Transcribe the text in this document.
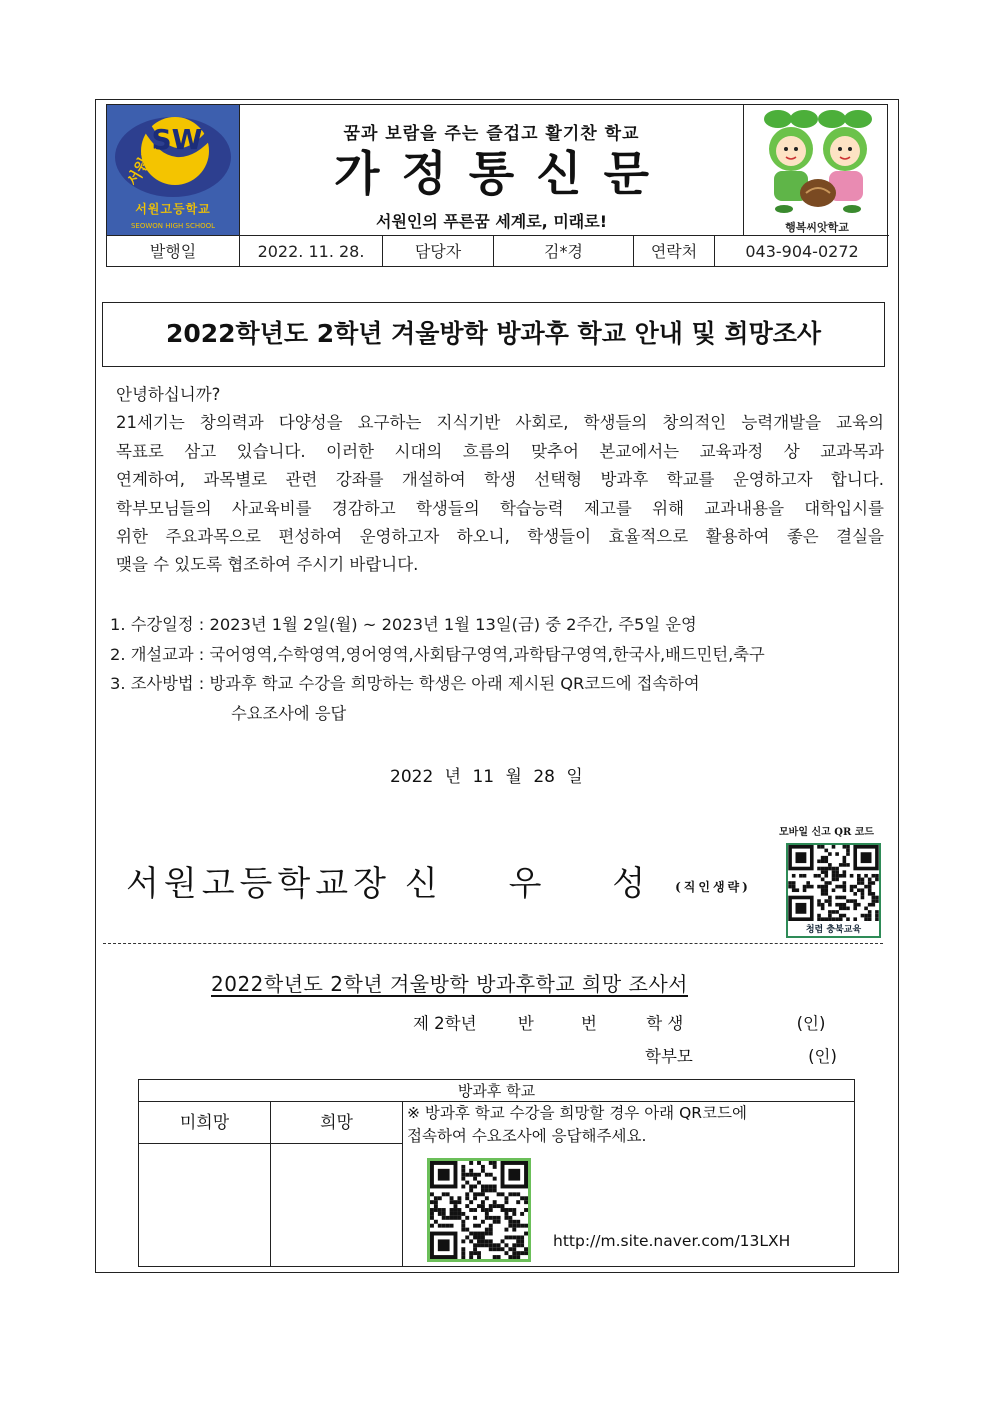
SW
서원고
서원고등학교
SEOWON HIGH SCHOOL
꿈과 보람을 주는 즐겁고 활기찬 학교
가정통신문
서원인의 푸른꿈 세계로, 미래로!	행복씨앗학교
발행일	2022. 11. 28.	담당자	김*경	연락처	043-904-0272
2022학년도 2학년 겨울방학 방과후 학교 안내 및 희망조사

안녕하십니까?

21세기는 창의력과 다양성을 요구하는 지식기반 사회로, 학생들의 창의적인 능력개발을 교육의

목표로 삼고 있습니다. 이러한 시대의 흐름의 맞추어 본교에서는 교육과정 상 교과목과

연계하여, 과목별로 관련 강좌를 개설하여 학생 선택형 방과후 학교를 운영하고자 합니다.

학부모님들의 사교육비를 경감하고 학생들의 학습능력 제고를 위해 교과내용을 대학입시를

위한 주요과목으로 편성하여 운영하고자 하오니, 학생들이 효율적으로 활용하여 좋은 결실을

맺을 수 있도록 협조하여 주시기 바랍니다.

1. 수강일정 : 2023년 1월 2일(월) ~ 2023년 1월 13일(금) 중 2주간, 주5일 운영
2. 개설교과 : 국어영역,수학영역,영어영역,사회탐구영역,과학탐구영역,한국사,배드민턴,축구
3. 조사방법 : 방과후 학교 수강을 희망하는 학생은 아래 제시된 QR코드에 접속하여
수요조사에 응답
2022 년 11 월 28 일
서원고등학교장 신 우 성(직인생략)
모바일 신고 QR 코드
청렴 충북교육
2022학년도 2학년 겨울방학 방과후학교 희망 조사서
제 2학년	반	번	학 생	(인)
학부모	(인)
방과후 학교
미희망	희망	※ 방과후 학교 수강을 희망할 경우 아래 QR코드에
접속하여 수요조사에 응답해주세요.
http://m.site.naver.com/13LXH
